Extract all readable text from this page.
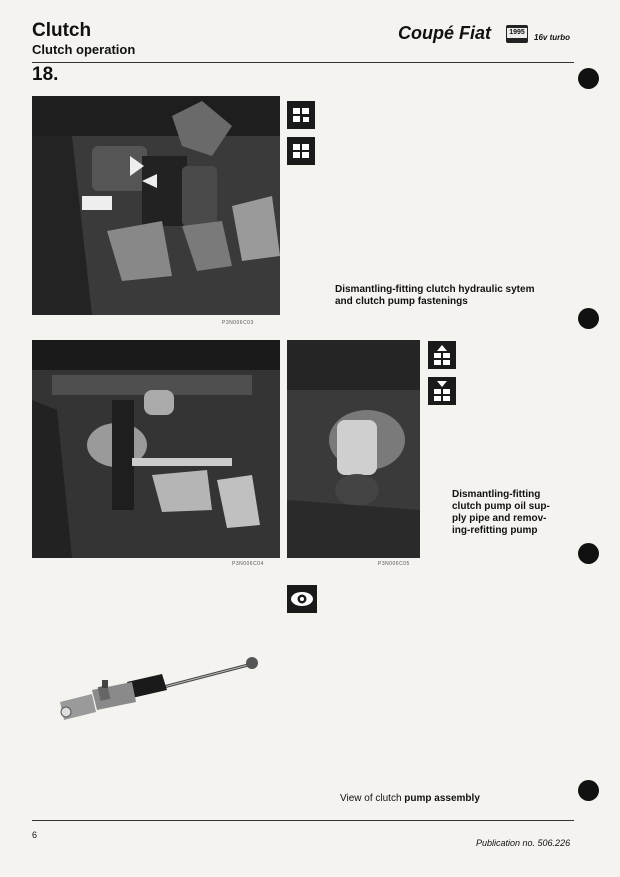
Clutch
Clutch operation
Coupé Fiat	1995
16v turbo
18.
P3N006C03
Dismantling-fitting clutch hydraulic sytem
and clutch pump fastenings
P3N006C04	P3N006C05
Dismantling-fitting
clutch pump oil sup-
ply pipe and remov-
ing-refitting pump
View of clutch pump assembly
6
Publication no. 506.226
